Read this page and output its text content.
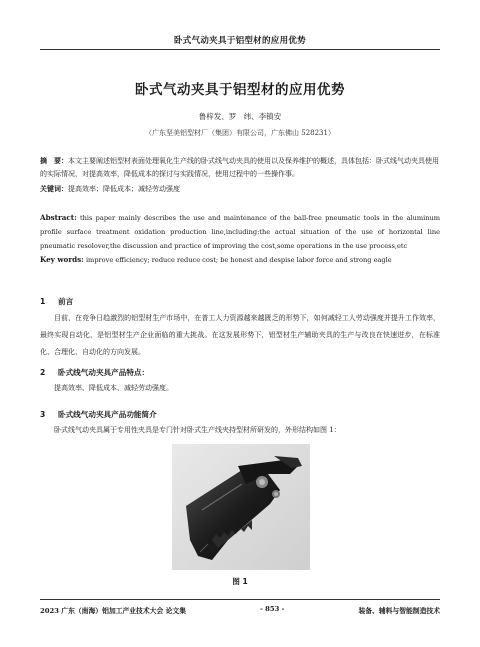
卧式气动夹具于铝型材的应用优势
卧式气动夹具于铝型材的应用优势
鲁梓发、罗　纬、李镇安
（广东坚美铝型材厂（集团）有限公司，广东佛山 528231）
摘　要：本文主要阐述铝型材表面处理氧化生产线的卧式线气动夹具的使用以及保养维护的概述，具体包括：卧式线气动夹具使用的实际情况，对提高效率，降低成本的探讨与实践情况，使用过程中的一些操作事。
关键词：提高效率；降低成本；减轻劳动强度
Abstract: this paper mainly describes the use and maintenance of the ball-free pneumatic tools in the aluminum profile surface treatment oxidation production line,including:the actual situation of the use of horizontal line pneumatic resolover,the discussion and practice of improving the cost,some operations in the use process,etc
Key words: improve efficiency; reduce reduce cost; be honest and despise labor force and strong eagle
1 前言
目前，在竞争日趋激烈的铝型材生产市场中，在普工人力资源越来越匮乏的形势下，如何减轻工人劳动强度并提升工作效率，最终实现自动化，是铝型材生产企业面临的重大挑战。在这发展形势下，铝型材生产辅助夹具的生产与改良在快速进步，在标准化、合理化、自动化的方向发展。
2 卧式线气动夹具产品特点：
提高效率、降低成本、减轻劳动强度。
3 卧式线气动夹具产品功能简介
卧式线气动夹具属于专用性夹具是专门针对卧式生产线夹持型材所研发的，外形结构如图 1：
图 1
2023 广东（南海）铝加工产业技术大会 论文集	- 853 -	装备、辅料与智能制造技术
